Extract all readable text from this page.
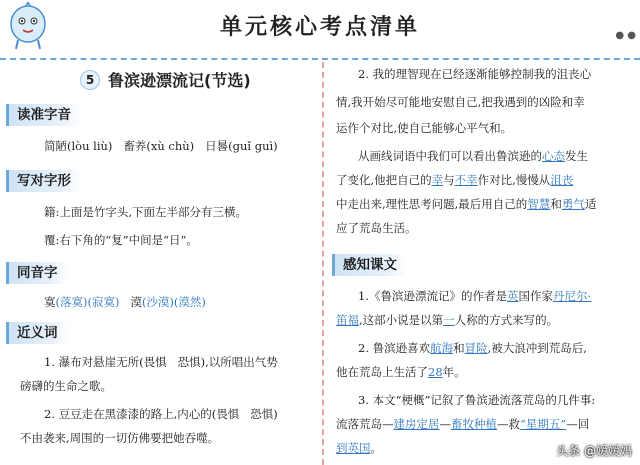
单元核心考点清单	● ●
5 鲁滨逊漂流记(节选)
读准字音
简陋(lòu liù) 畜养(xù chù) 日晷(guǐ guì)
写对字形
籍:上面是竹字头,下面左半部分有三横。
覆:右下角的“复”中间是“日”。
同音字
寞(落寞)(寂寞) 漠(沙漠)(漠然)
近义词
1. 瀑布对悬崖无所(畏惧 恐惧),以所唱出气势
磅礴的生命之歌。
2. 豆豆走在黑漆漆的路上,内心的(畏惧 恐惧)
不由袭来,周围的一切仿佛要把她吞噬。
2. 我的理智现在已经逐渐能够控制我的沮丧心
情,我开始尽可能地安慰自己,把我遇到的凶险和幸
运作个对比,使自己能够心平气和。
从画线词语中我们可以看出鲁滨逊的心态发生
了变化,他把自己的幸与不幸作对比,慢慢从沮丧
中走出来,理性思考问题,最后用自己的智慧和勇气适
应了荒岛生活。
感知课文
1.《鲁滨逊漂流记》的作者是英国作家丹尼尔·
笛福,这部小说是以第一人称的方式来写的。
2. 鲁滨逊喜欢航海和冒险,被大浪冲到荒岛后,
他在荒岛上生活了28年。
3. 本文“梗概”记叙了鲁滨逊流落荒岛的几件事:
流落荒岛—建房定居—畜牧种植—救“星期五”—回
到英国。	头条 @媛媛妈
